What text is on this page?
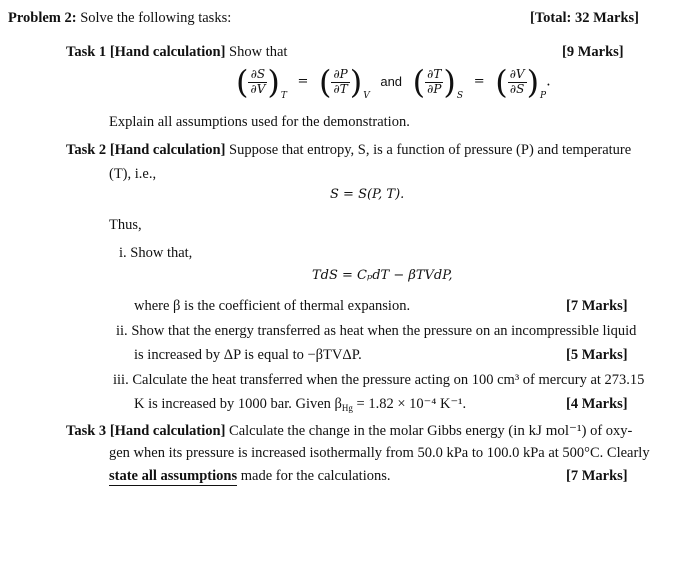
Problem 2: Solve the following tasks:	[Total: 32 Marks]
Task 1 [Hand calculation] Show that	[9 Marks]
( $\frac{\partial S}{\partial V} )_T$ = ( $\frac{\partial P}{\partial T} )_V$ and ( $\frac{\partial T}{\partial P} )_S$ = ( $\frac{\partial V}{\partial S} )_P$.
Explain all assumptions used for the demonstration.
Task 2 [Hand calculation] Suppose that entropy, S, is a function of pressure (P) and temperature
(T), i.e.,
S = S(P, T).
Thus,
i. Show that,
TdS = CₚdT − βTVdP,
where β is the coefficient of thermal expansion.	[7 Marks]
ii. Show that the energy transferred as heat when the pressure on an incompressible liquid
is increased by ΔP is equal to −βTVΔP.	[5 Marks]
iii. Calculate the heat transferred when the pressure acting on 100 cm³ of mercury at 273.15
K is increased by 1000 bar. Given $\beta_{Hg} = 1.82 \times 10^{-4}$ K⁻¹.	[4 Marks]
Task 3 [Hand calculation] Calculate the change in the molar Gibbs energy (in kJ mol⁻¹) of oxy-
gen when its pressure is increased isothermally from 50.0 kPa to 100.0 kPa at 500°C. Clearly
state all assumptions made for the calculations.	[7 Marks]
